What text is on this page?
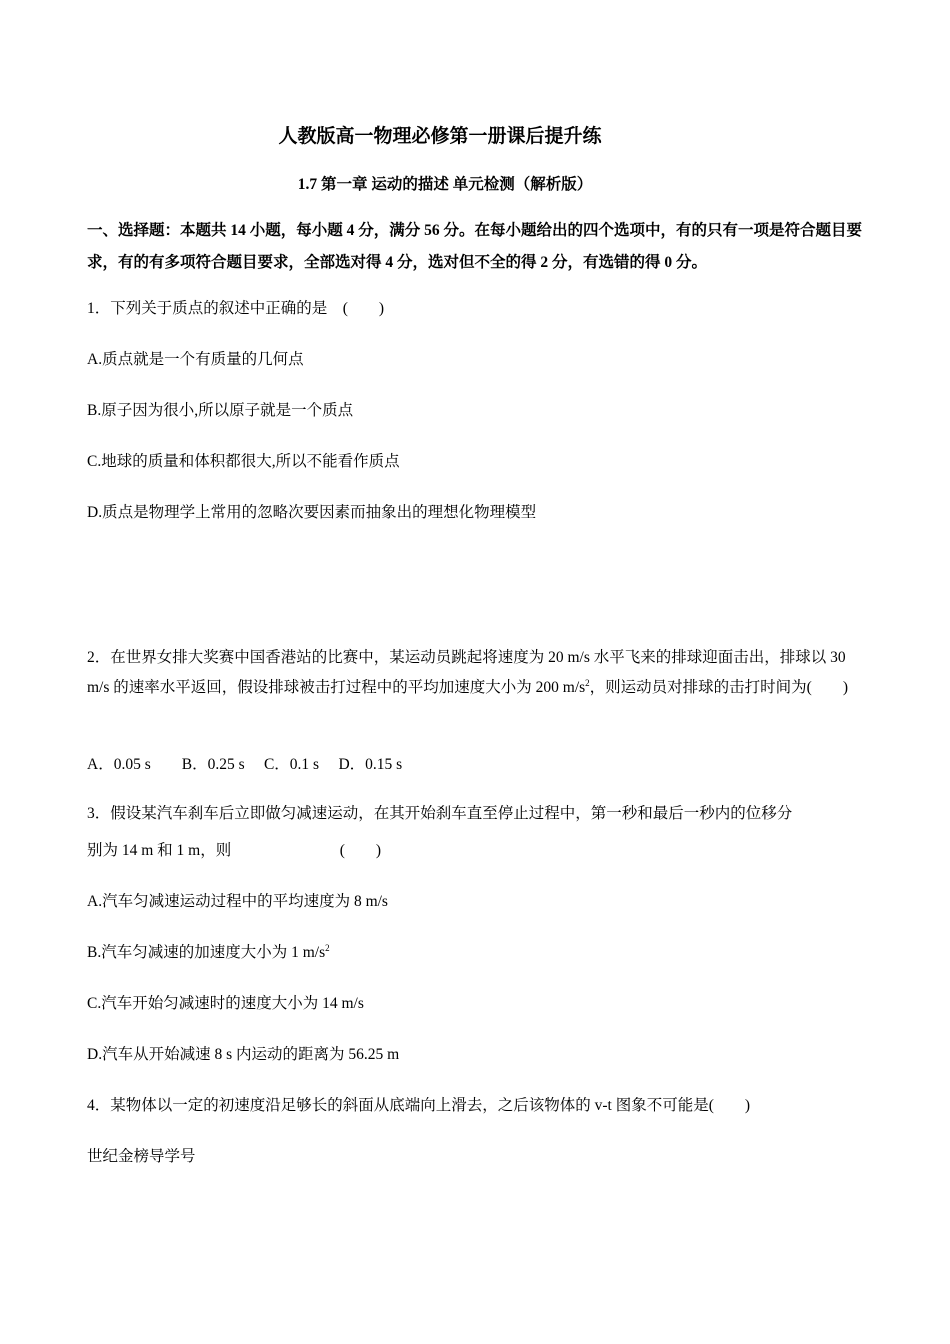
人教版高一物理必修第一册课后提升练
1.7 第一章 运动的描述 单元检测（解析版）
一、选择题：本题共 14 小题，每小题 4 分，满分 56 分。在每小题给出的四个选项中，有的只有一项是符合题目要求，有的有多项符合题目要求，全部选对得 4 分，选对但不全的得 2 分，有选错的得 0 分。
1．下列关于质点的叙述中正确的是　(　　)
A.质点就是一个有质量的几何点
B.原子因为很小,所以原子就是一个质点
C.地球的质量和体积都很大,所以不能看作质点
D.质点是物理学上常用的忽略次要因素而抽象出的理想化物理模型
2．在世界女排大奖赛中国香港站的比赛中，某运动员跳起将速度为 20 m/s 水平飞来的排球迎面击出，排球以 30 m/s 的速率水平返回，假设排球被击打过程中的平均加速度大小为 200 $m/s^2$，则运动员对排球的击打时间为(　　)
A．0.05 s　　B．0.25 s　 C．0.1 s　 D．0.15 s
3．假设某汽车刹车后立即做匀减速运动，在其开始刹车直至停止过程中，第一秒和最后一秒内的位移分
别为 14 m 和 1 m，则　　　　　　　(　　)
A.汽车匀减速运动过程中的平均速度为 8 m/s
B.汽车匀减速的加速度大小为 1 $m/s^2$
C.汽车开始匀减速时的速度大小为 14 m/s
D.汽车从开始减速 8 s 内运动的距离为 56.25 m
4．某物体以一定的初速度沿足够长的斜面从底端向上滑去，之后该物体的 v-t 图象不可能是(　　)
世纪金榜导学号
